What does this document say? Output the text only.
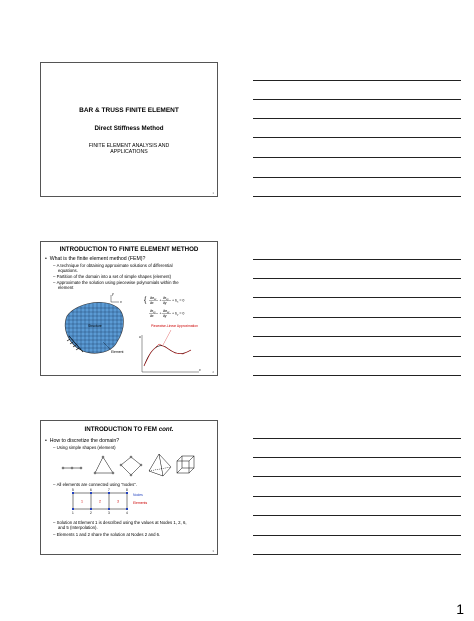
BAR & TRUSS FINITE ELEMENT
Direct Stiffness Method
FINITE ELEMENT ANALYSIS AND
APPLICATIONS
1
INTRODUCTION TO FINITE ELEMENT METHOD
•  What is the finite element method (FEM)?
– A technique for obtaining approximate solutions of differential
equations.
– Partition of the domain into a set of simple shapes (element)
– Approximate the solution using piecewise polynomials within the
element
x
y
Structure
Element
{ $\partial\sigma_{xx}$
∂x
+
$\partial\tau_{xy}$
∂y
+ $b_x= 0$
$\partial\tau_{xy}$
∂x
+
$\partial\sigma_{yy}$
∂y
+ $b_y= 0$
Piecewise-Linear Approximation
u
x	2
INTRODUCTION TO FEM cont.
•  How to discretize the domain?
– Using simple shapes (element)
– All elements are connected using “nodes”.
5	6	7	8
1	2	3	4
1	2	3
Nodes
Elements
– Solution at Element 1 is described using the values at Nodes 1, 2, 6,
and 5 (Interpolation).
– Elements 1 and 2 share the solution at Nodes 2 and 6.
3
1
